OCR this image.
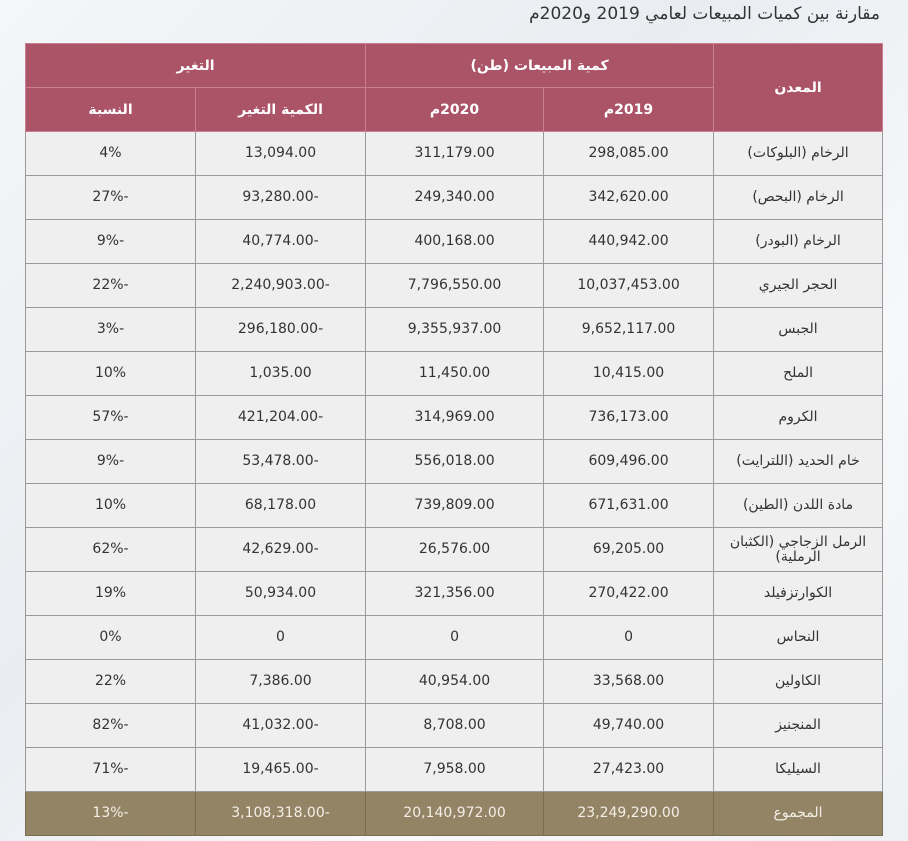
مقارنة بين كميات المبيعات لعامي 2019 و2020م
المعدن	كمية المبيعات (طن)		التغير	
	2019م	2020م	الكمية التغير	النسبة
الرخام (البلوكات)	298,085.00	311,179.00	13,094.00	4%
الرخام (البحص)	342,620.00	249,340.00	-93,280.00	-27%
الرخام (البودر)	440,942.00	400,168.00	-40,774.00	-9%
الحجر الجيري	10,037,453.00	7,796,550.00	-2,240,903.00	-22%
الجبس	9,652,117.00	9,355,937.00	-296,180.00	-3%
الملح	10,415.00	11,450.00	1,035.00	10%
الكروم	736,173.00	314,969.00	-421,204.00	-57%
خام الحديد (اللترايت)	609,496.00	556,018.00	-53,478.00	-9%
مادة اللدن (الطين)	671,631.00	739,809.00	68,178.00	10%
الرمل الزجاجي (الكثبان الرملية)	69,205.00	26,576.00	-42,629.00	-62%
الكوارتزفيلد	270,422.00	321,356.00	50,934.00	19%
النحاس	0	0	0	0%
الكاولين	33,568.00	40,954.00	7,386.00	22%
المنجنيز	49,740.00	8,708.00	-41,032.00	-82%
السيليكا	27,423.00	7,958.00	-19,465.00	-71%
المجموع	23,249,290.00	20,140,972.00	-3,108,318.00	-13%
